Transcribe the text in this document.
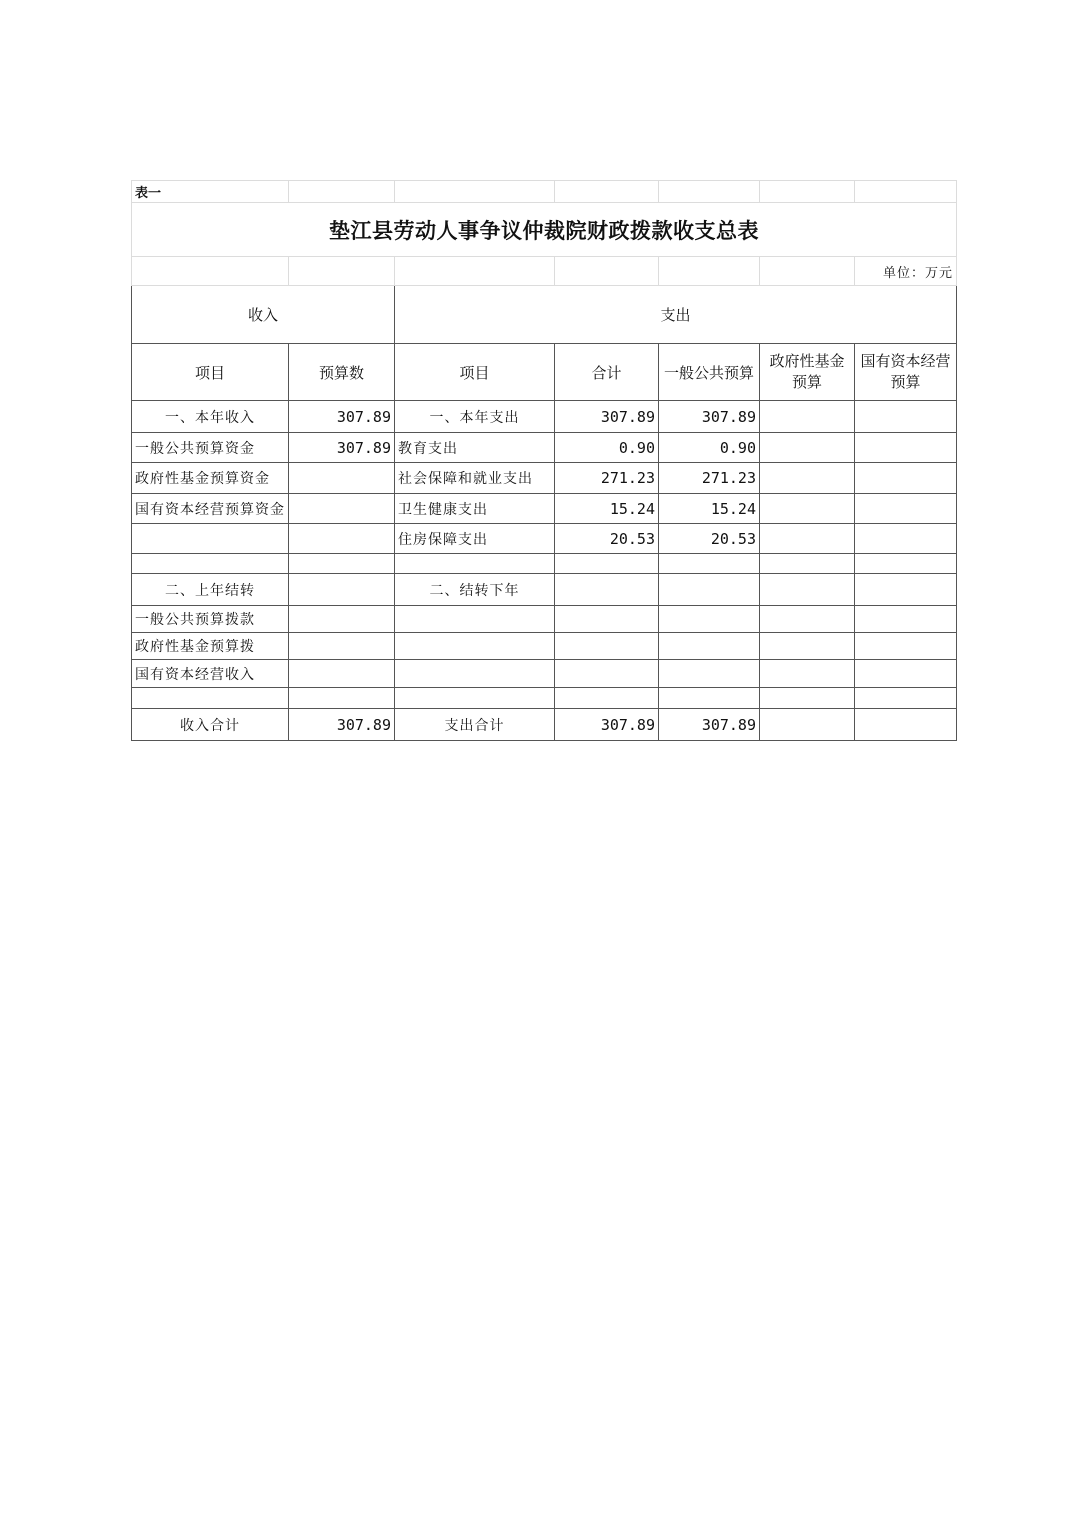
表一						
垫江县劳动人事争议仲裁院财政拨款收支总表						
						单位：万元
收入		支出				
项目	预算数	项目	合计	一般公共预算	政府性基金预算	国有资本经营预算
一、本年收入	307.89	一、本年支出	307.89	307.89		
一般公共预算资金	307.89	教育支出	0.90	0.90		
政府性基金预算资金		社会保障和就业支出	271.23	271.23		
国有资本经营预算资金		卫生健康支出	15.24	15.24		
		住房保障支出	20.53	20.53		

二、上年结转		二、结转下年				
一般公共预算拨款						
政府性基金预算拨						
国有资本经营收入						

收入合计	307.89	支出合计	307.89	307.89		
